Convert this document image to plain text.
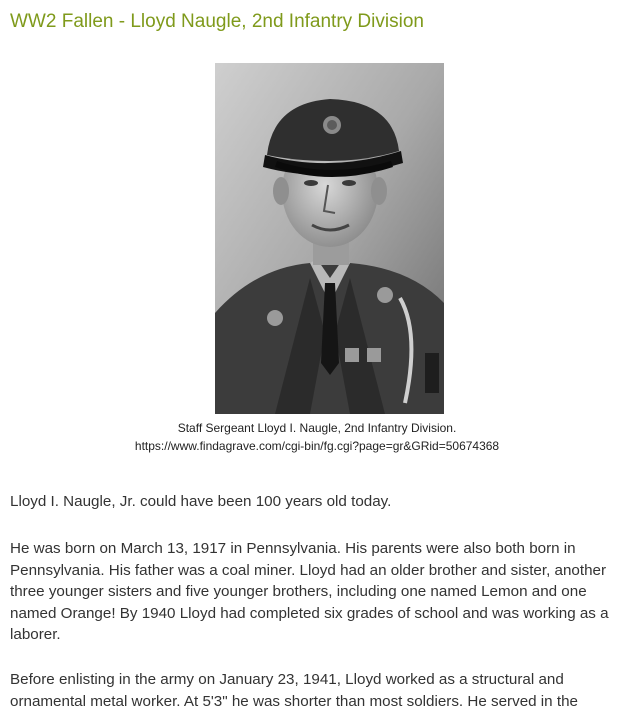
WW2 Fallen - Lloyd Naugle, 2nd Infantry Division
Staff Sergeant Lloyd I. Naugle, 2nd Infantry Division.
https://www.findagrave.com/cgi-bin/fg.cgi?page=gr&GRid=50674368

Lloyd I. Naugle, Jr. could have been 100 years old today.

He was born on March 13, 1917 in Pennsylvania. His parents were also both born in Pennsylvania. His father was a coal miner. Lloyd had an older brother and sister, another three younger sisters and five younger brothers, including one named Lemon and one named Orange! By 1940 Lloyd had completed six grades of school and was working as a laborer.

Before enlisting in the army on January 23, 1941, Lloyd worked as a structural and ornamental metal worker. At 5'3" he was shorter than most soldiers. He served in the
